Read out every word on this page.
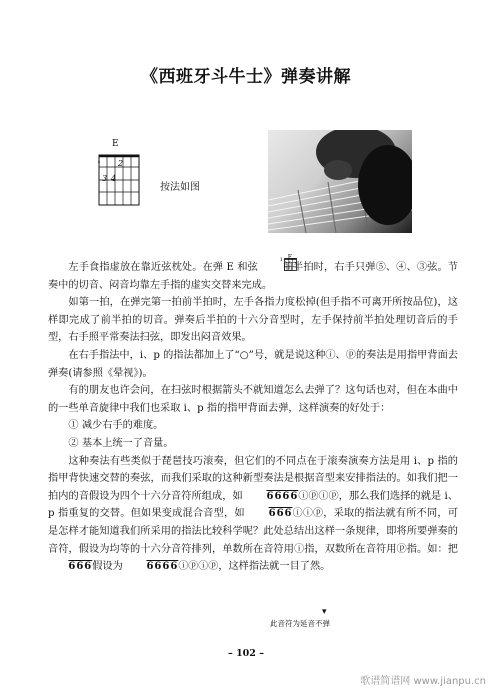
《西班牙斗牛士》弹奏讲解
E
2
3 4
按法如图

左手食指虚放在靠近弦枕处。在弹 E 和弦
1 E
前半拍时，右手只弹⑤、④、③弦。节奏中的切音、闷音均靠左手指的虚实交替来完成。

如第一拍，在弹完第一拍前半拍时，左手各指力度松掉(但手指不可离开所按品位)，这样即完成了前半拍的切音。弹奏后半拍的十六分音型时，左手保持前半拍处理切音后的手型，右手照平常奏法扫弦，即发出闷音效果。

在右手指法中，i、p 的指法都加上了“○”号，就是说这种ⓘ、ⓟ的奏法是用指甲背面去弹奏(请参照《晕视》)。

有的朋友也许会问，在扫弦时根据箭头不就知道怎么去弹了？这句话也对，但在本曲中的一些单音旋律中我们也采取 i、p 指的指甲背面去弹，这样演奏的好处于：

① 减少右手的难度。

② 基本上统一了音量。

这种奏法有些类似于琵琶技巧滚奏，但它们的不同点在于滚奏演奏方法是用 i、p 指的指甲背快速交替的奏弦，而我们采取的这种新型奏法是根据音型来安排指法的。如我们把一拍内的音假设为四个十六分音符所组成，如 6666ⓘⓟⓘⓟ，那么我们选择的就是 i、p 指重复的交替。但如果变成混合音型，如 666ⓘⓘⓟ，采取的指法就有所不同，可是怎样才能知道我们所采用的指法比较科学呢？此处总结出这样一条规律，即将所要弹奏的音符，假设为均等的十六分音符排列，单数所在音符用ⓘ指，双数所在音符用ⓟ指。如：把 666假设为 6666ⓘⓟⓘⓟ，这样指法就一目了然。

▾
此音符为延音不弹
– 102 –
歌谱简谱网 www.jianpu.cn
